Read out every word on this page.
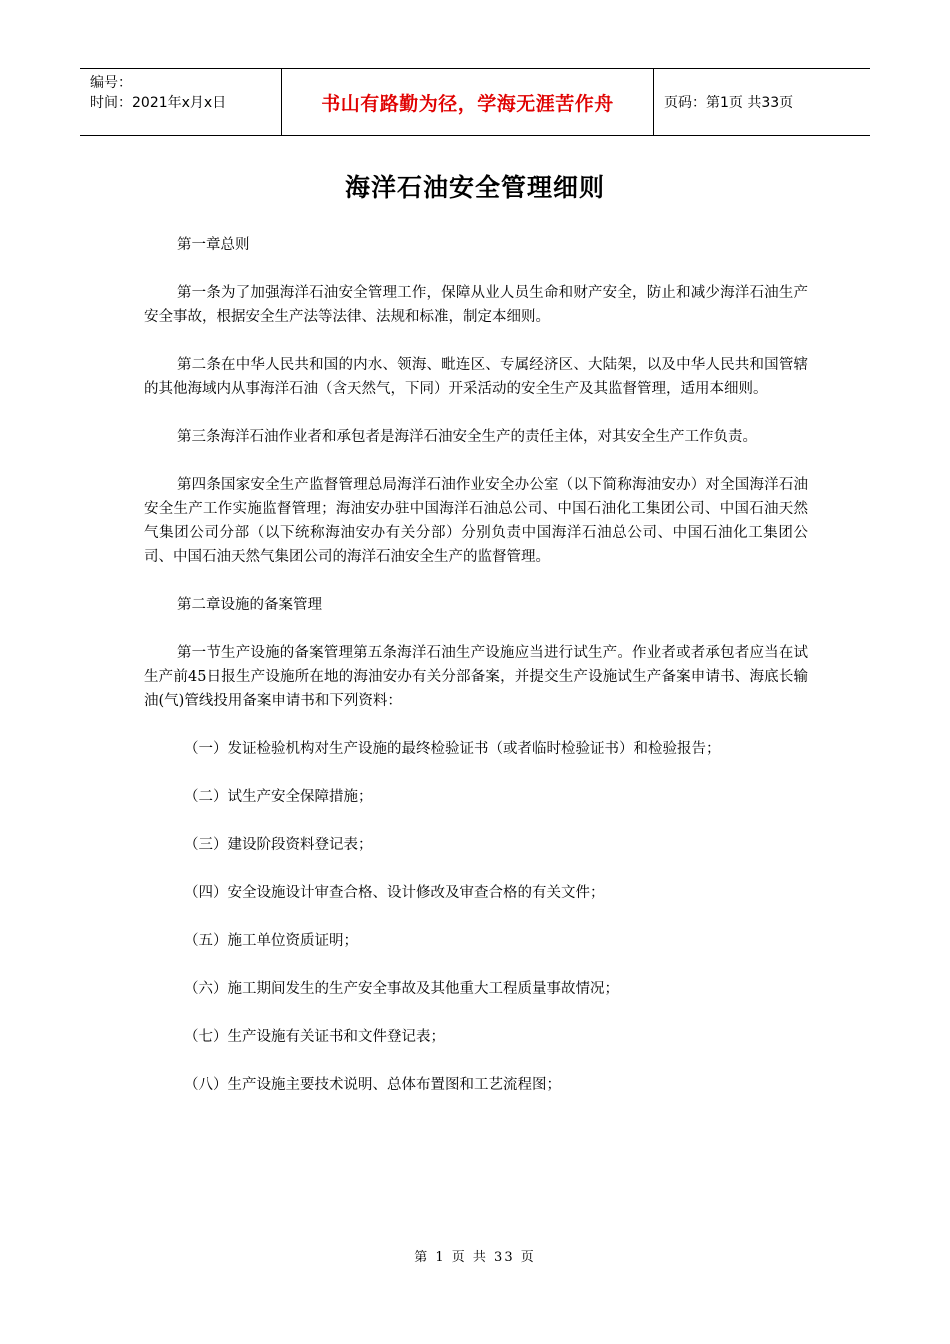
编号：
时间：2021年x月x日	书山有路勤为径，学海无涯苦作舟	页码：第1页 共33页
海洋石油安全管理细则

第一章总则

第一条为了加强海洋石油安全管理工作，保障从业人员生命和财产安全，防止和减少海洋石油生产安全事故，根据安全生产法等法律、法规和标准，制定本细则。

第二条在中华人民共和国的内水、领海、毗连区、专属经济区、大陆架，以及中华人民共和国管辖的其他海域内从事海洋石油（含天然气，下同）开采活动的安全生产及其监督管理，适用本细则。

第三条海洋石油作业者和承包者是海洋石油安全生产的责任主体，对其安全生产工作负责。

第四条国家安全生产监督管理总局海洋石油作业安全办公室（以下简称海油安办）对全国海洋石油安全生产工作实施监督管理；海油安办驻中国海洋石油总公司、中国石油化工集团公司、中国石油天然气集团公司分部（以下统称海油安办有关分部）分别负责中国海洋石油总公司、中国石油化工集团公司、中国石油天然气集团公司的海洋石油安全生产的监督管理。

第二章设施的备案管理

第一节生产设施的备案管理第五条海洋石油生产设施应当进行试生产。作业者或者承包者应当在试生产前45日报生产设施所在地的海油安办有关分部备案，并提交生产设施试生产备案申请书、海底长输油(气)管线投用备案申请书和下列资料：

（一）发证检验机构对生产设施的最终检验证书（或者临时检验证书）和检验报告；

（二）试生产安全保障措施；

（三）建设阶段资料登记表；

（四）安全设施设计审查合格、设计修改及审查合格的有关文件；

（五）施工单位资质证明；

（六）施工期间发生的生产安全事故及其他重大工程质量事故情况；

（七）生产设施有关证书和文件登记表；

（八）生产设施主要技术说明、总体布置图和工艺流程图；

第 1 页 共 33 页
